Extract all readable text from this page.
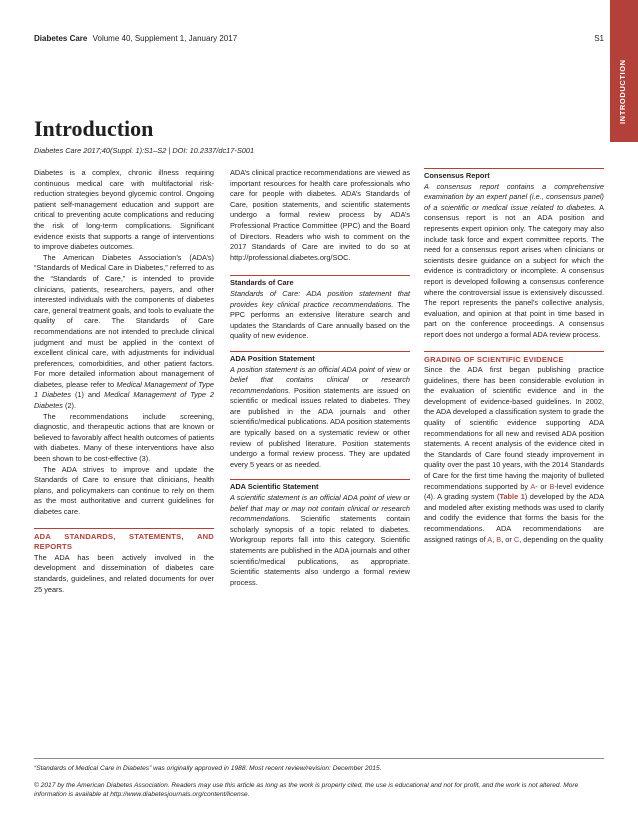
Diabetes Care Volume 40, Supplement 1, January 2017	S1
INTRODUCTION
Introduction
Diabetes Care 2017;40(Suppl. 1):S1–S2 | DOI: 10.2337/dc17-S001

Diabetes is a complex, chronic illness requiring continuous medical care with multifactorial risk-reduction strategies beyond glycemic control. Ongoing patient self-management education and support are critical to preventing acute complications and reducing the risk of long-term complications. Significant evidence exists that supports a range of interventions to improve diabetes outcomes.

The American Diabetes Association’s (ADA’s) “Standards of Medical Care in Diabetes,” referred to as the “Standards of Care,” is intended to provide clinicians, patients, researchers, payers, and other interested individuals with the components of diabetes care, general treatment goals, and tools to evaluate the quality of care. The Standards of Care recommendations are not intended to preclude clinical judgment and must be applied in the context of excellent clinical care, with adjustments for individual preferences, comorbidities, and other patient factors. For more detailed information about management of diabetes, please refer to Medical Management of Type 1 Diabetes (1) and Medical Management of Type 2 Diabetes (2).

The recommendations include screening, diagnostic, and therapeutic actions that are known or believed to favorably affect health outcomes of patients with diabetes. Many of these interventions have also been shown to be cost-effective (3).

The ADA strives to improve and update the Standards of Care to ensure that clinicians, health plans, and policymakers can continue to rely on them as the most authoritative and current guidelines for diabetes care.

ADA STANDARDS, STATEMENTS, AND REPORTS

The ADA has been actively involved in the development and dissemination of diabetes care standards, guidelines, and related documents for over 25 years.

ADA’s clinical practice recommendations are viewed as important resources for health care professionals who care for people with diabetes. ADA’s Standards of Care, position statements, and scientific statements undergo a formal review process by ADA’s Professional Practice Committee (PPC) and the Board of Directors. Readers who wish to comment on the 2017 Standards of Care are invited to do so at http://professional.diabetes.org/SOC.

Standards of Care

Standards of Care: ADA position statement that provides key clinical practice recommendations. The PPC performs an extensive literature search and updates the Standards of Care annually based on the quality of new evidence.

ADA Position Statement

A position statement is an official ADA point of view or belief that contains clinical or research recommendations. Position statements are issued on scientific or medical issues related to diabetes. They are published in the ADA journals and other scientific/medical publications. ADA position statements are typically based on a systematic review or other review of published literature. Position statements undergo a formal review process. They are updated every 5 years or as needed.

ADA Scientific Statement

A scientific statement is an official ADA point of view or belief that may or may not contain clinical or research recommendations. Scientific statements contain scholarly synopsis of a topic related to diabetes. Workgroup reports fall into this category. Scientific statements are published in the ADA journals and other scientific/medical publications, as appropriate. Scientific statements also undergo a formal review process.

Consensus Report

A consensus report contains a comprehensive examination by an expert panel (i.e., consensus panel) of a scientific or medical issue related to diabetes. A consensus report is not an ADA position and represents expert opinion only. The category may also include task force and expert committee reports. The need for a consensus report arises when clinicians or scientists desire guidance on a subject for which the evidence is contradictory or incomplete. A consensus report is developed following a consensus conference where the controversial issue is extensively discussed. The report represents the panel’s collective analysis, evaluation, and opinion at that point in time based in part on the conference proceedings. A consensus report does not undergo a formal ADA review process.

GRADING OF SCIENTIFIC EVIDENCE

Since the ADA first began publishing practice guidelines, there has been considerable evolution in the evaluation of scientific evidence and in the development of evidence-based guidelines. In 2002, the ADA developed a classification system to grade the quality of scientific evidence supporting ADA recommendations for all new and revised ADA position statements. A recent analysis of the evidence cited in the Standards of Care found steady improvement in quality over the past 10 years, with the 2014 Standards of Care for the first time having the majority of bulleted recommendations supported by A- or B-level evidence (4). A grading system (Table 1) developed by the ADA and modeled after existing methods was used to clarify and codify the evidence that forms the basis for the recommendations. ADA recommendations are assigned ratings of A, B, or C, depending on the quality

“Standards of Medical Care in Diabetes” was originally approved in 1988. Most recent review/revision: December 2015.
© 2017 by the American Diabetes Association. Readers may use this article as long as the work is properly cited, the use is educational and not for profit, and the work is not altered. More information is available at http://www.diabetesjournals.org/content/license.
